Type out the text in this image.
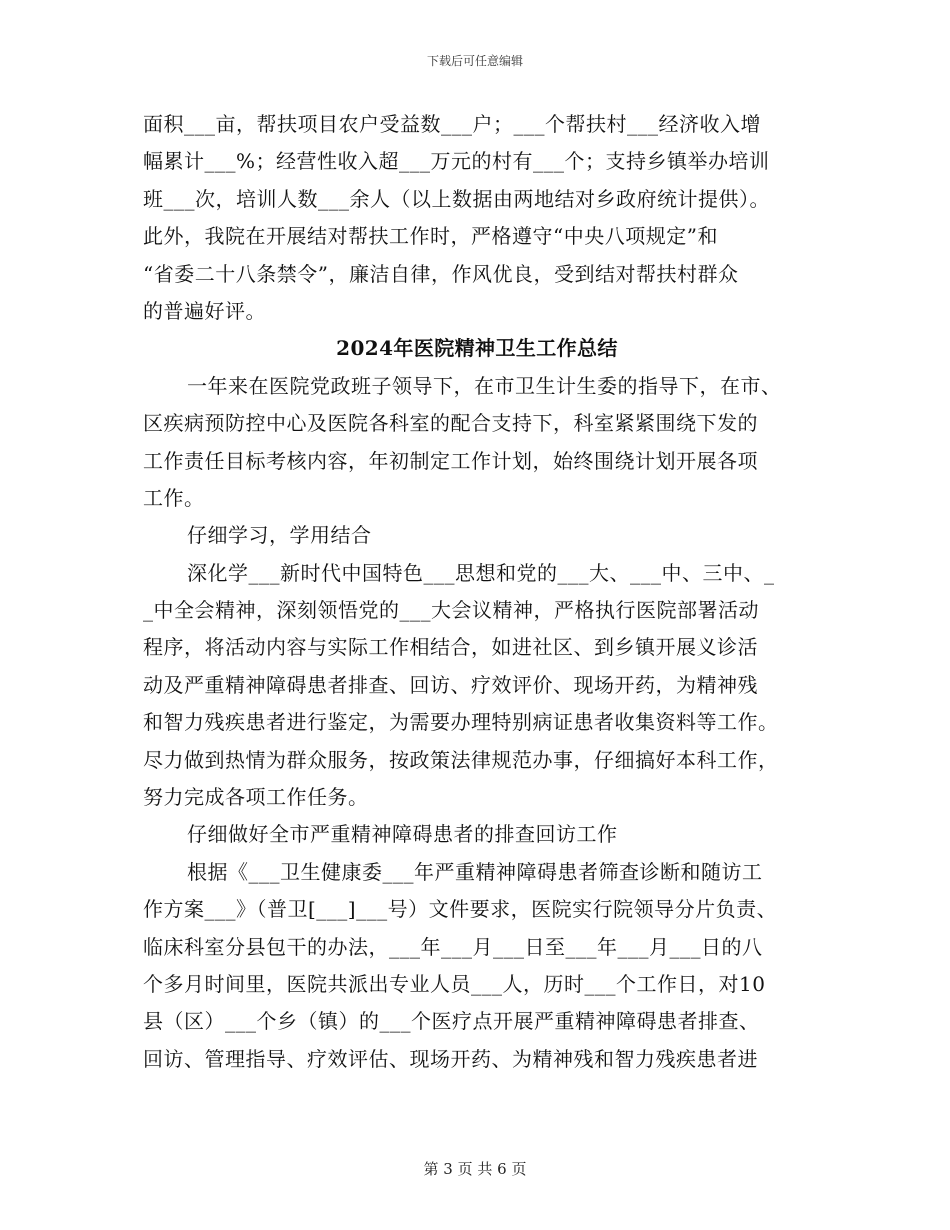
下载后可任意编辑
面积___亩，帮扶项目农户受益数___户；___个帮扶村___经济收入增
幅累计___%；经营性收入超___万元的村有___个；支持乡镇举办培训
班___次，培训人数___余人（以上数据由两地结对乡政府统计提供）。
此外，我院在开展结对帮扶工作时，严格遵守“中央八项规定”和
“省委二十八条禁令”，廉洁自律，作风优良，受到结对帮扶村群众
的普遍好评。
2024年医院精神卫生工作总结
一年来在医院党政班子领导下，在市卫生计生委的指导下，在市、
区疾病预防控中心及医院各科室的配合支持下，科室紧紧围绕下发的
工作责任目标考核内容，年初制定工作计划，始终围绕计划开展各项
工作。
仔细学习，学用结合
深化学___新时代中国特色___思想和党的___大、___中、三中、_
_中全会精神，深刻领悟党的___大会议精神，严格执行医院部署活动
程序，将活动内容与实际工作相结合，如进社区、到乡镇开展义诊活
动及严重精神障碍患者排查、回访、疗效评价、现场开药，为精神残
和智力残疾患者进行鉴定，为需要办理特别病证患者收集资料等工作。
尽力做到热情为群众服务，按政策法律规范办事，仔细搞好本科工作，
努力完成各项工作任务。
仔细做好全市严重精神障碍患者的排查回访工作
根据《___卫生健康委___年严重精神障碍患者筛查诊断和随访工
作方案___》（普卫[___]___号）文件要求，医院实行院领导分片负责、
临床科室分县包干的办法，___年___月___日至___年___月___日的八
个多月时间里，医院共派出专业人员___人，历时___个工作日，对10
县（区）___个乡（镇）的___个医疗点开展严重精神障碍患者排查、
回访、管理指导、疗效评估、现场开药、为精神残和智力残疾患者进
第 3 页 共 6 页
